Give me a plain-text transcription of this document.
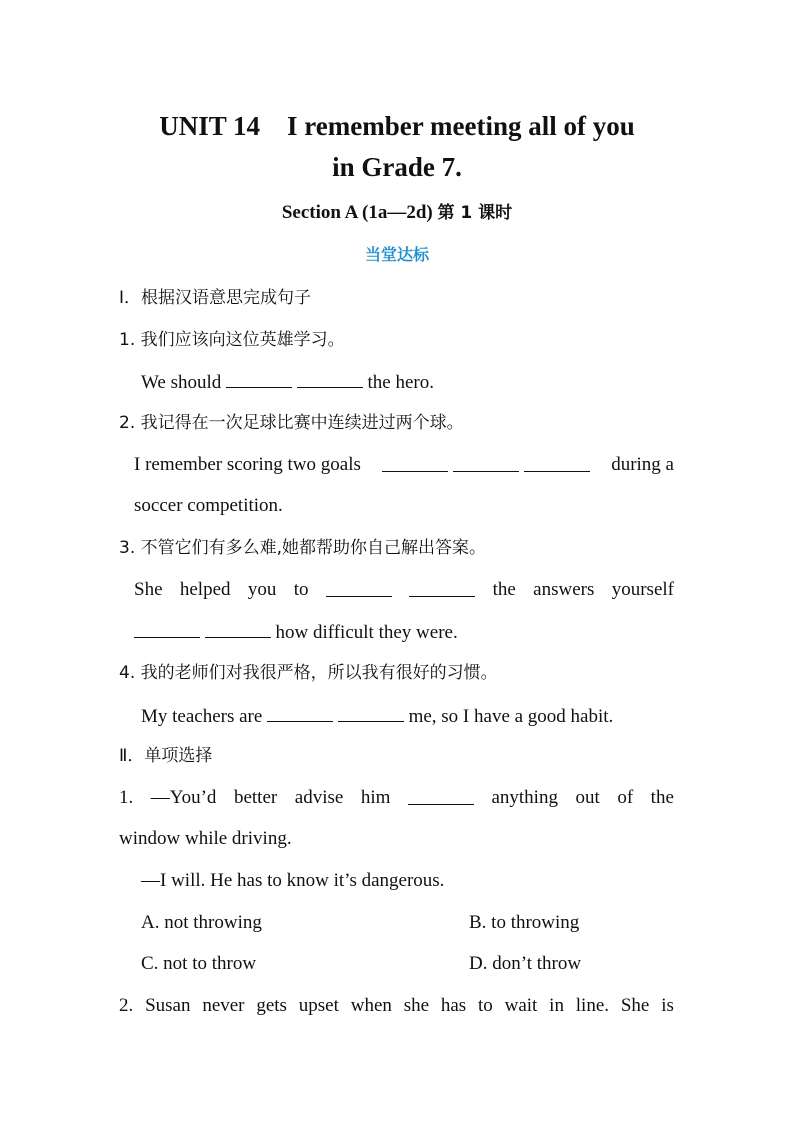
UNIT 14　I remember meeting all of you
in Grade 7.
Section A (1a—2d) 第 1 课时
当堂达标
Ⅰ．根据汉语意思完成句子
1. 我们应该向这位英雄学习。
We should	the hero.
2. 我记得在一次足球比赛中连续进过两个球。
I remember scoring two goals
	during a
soccer competition.
3. 不管它们有多么难,她都帮助你自己解出答案。
She helped you to	the answers yourself
how difficult they were.
4. 我的老师们对我很严格，所以我有很好的习惯。
My teachers are	me, so I have a good habit.
Ⅱ．单项选择
1. —You’d better advise him	anything out of the
window while driving.
—I will. He has to know it’s dangerous.
A. not throwing	B. to throwing
C. not to throw	D. don’t throw
2. Susan never gets upset when she has to wait in line. She is
